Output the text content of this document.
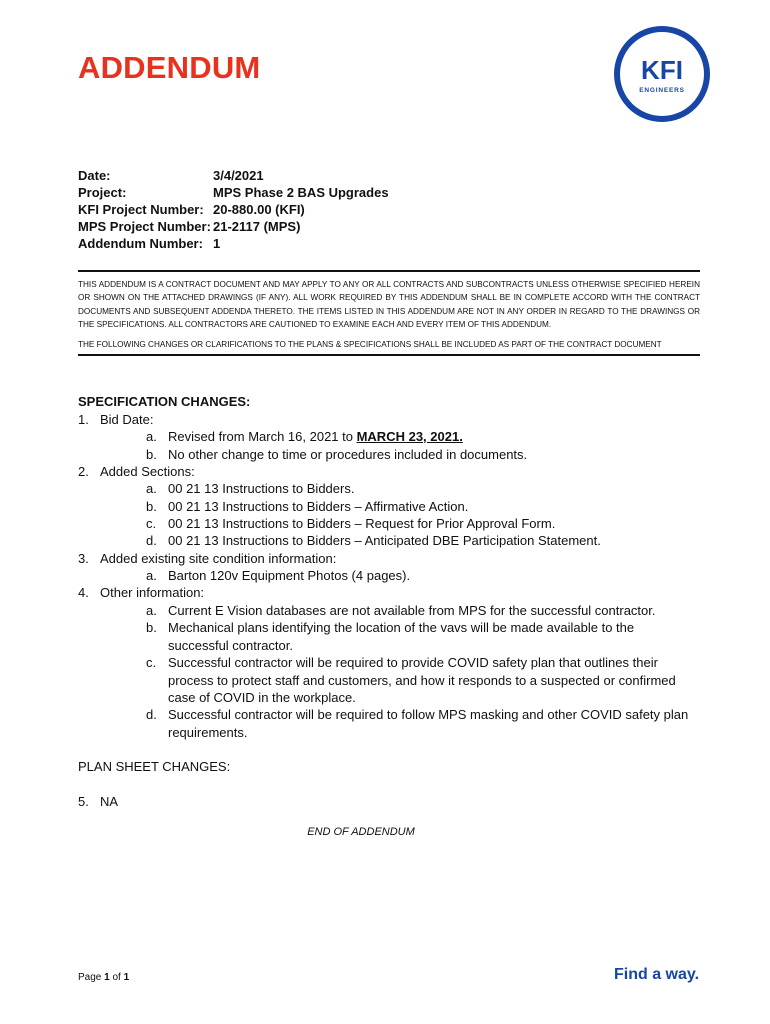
ADDENDUM	KFI
ENGINEERS
Date:	3/4/2021
Project:	MPS Phase 2 BAS Upgrades
KFI Project Number: 20-880.00 (KFI)
MPS Project Number: 21-2117 (MPS)
Addendum Number: 1
THIS ADDENDUM IS A CONTRACT DOCUMENT AND MAY APPLY TO ANY OR ALL CONTRACTS AND SUBCONTRACTS UNLESS OTHERWISE SPECIFIED HEREIN OR SHOWN ON THE ATTACHED DRAWINGS (IF ANY). ALL WORK REQUIRED BY THIS ADDENDUM SHALL BE IN COMPLETE ACCORD WITH THE CONTRACT DOCUMENTS AND SUBSEQUENT ADDENDA THERETO. THE ITEMS LISTED IN THIS ADDENDUM ARE NOT IN ANY ORDER IN REGARD TO THE DRAWINGS OR THE SPECIFICATIONS. ALL CONTRACTORS ARE CAUTIONED TO EXAMINE EACH AND EVERY ITEM OF THIS ADDENDUM.
THE FOLLOWING CHANGES OR CLARIFICATIONS TO THE PLANS & SPECIFICATIONS SHALL BE INCLUDED AS PART OF THE CONTRACT DOCUMENT
SPECIFICATION CHANGES:
1. Bid Date:
a. Revised from March 16, 2021 to MARCH 23, 2021.
b. No other change to time or procedures included in documents.
2. Added Sections:
a. 00 21 13 Instructions to Bidders.
b. 00 21 13 Instructions to Bidders – Affirmative Action.
c. 00 21 13 Instructions to Bidders – Request for Prior Approval Form.
d. 00 21 13 Instructions to Bidders – Anticipated DBE Participation Statement.
3. Added existing site condition information:
a. Barton 120v Equipment Photos (4 pages).
4. Other information:
a. Current E Vision databases are not available from MPS for the successful contractor.
b. Mechanical plans identifying the location of the vavs will be made available to the successful contractor.
c. Successful contractor will be required to provide COVID safety plan that outlines their process to protect staff and customers, and how it responds to a suspected or confirmed case of COVID in the workplace.
d. Successful contractor will be required to follow MPS masking and other COVID safety plan requirements.
PLAN SHEET CHANGES:
5. NA
END OF ADDENDUM
Page 1 of 1	Find a way.
